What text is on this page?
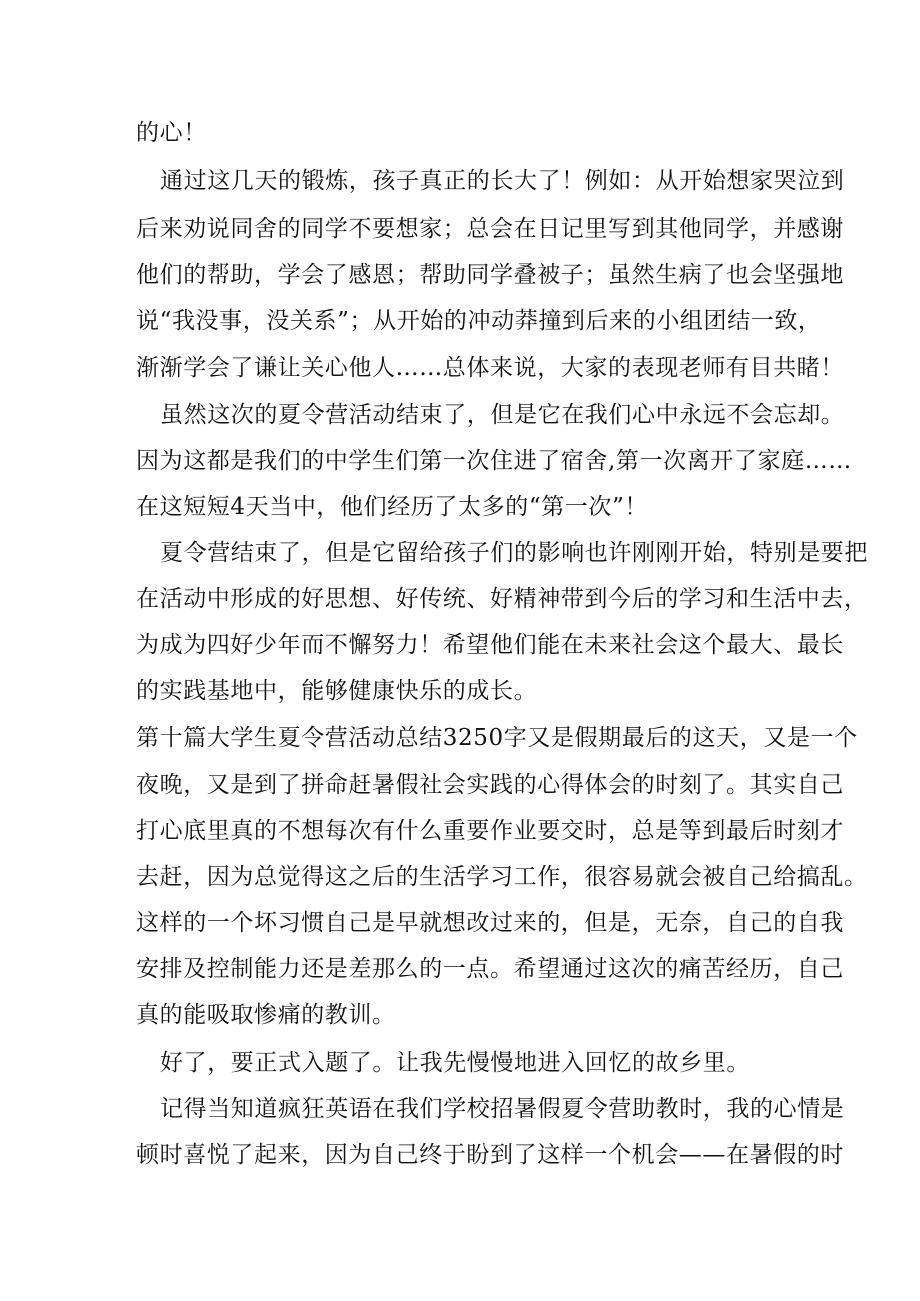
的心！
通过这几天的锻炼，孩子真正的长大了！例如：从开始想家哭泣到
后来劝说同舍的同学不要想家；总会在日记里写到其他同学，并感谢
他们的帮助，学会了感恩；帮助同学叠被子；虽然生病了也会坚强地
说“我没事，没关系”；从开始的冲动莽撞到后来的小组团结一致，
渐渐学会了谦让关心他人……总体来说，大家的表现老师有目共睹！
虽然这次的夏令营活动结束了，但是它在我们心中永远不会忘却。
因为这都是我们的中学生们第一次住进了宿舍,第一次离开了家庭……
在这短短4天当中，他们经历了太多的“第一次”！
夏令营结束了，但是它留给孩子们的影响也许刚刚开始，特别是要把
在活动中形成的好思想、好传统、好精神带到今后的学习和生活中去，
为成为四好少年而不懈努力！希望他们能在未来社会这个最大、最长
的实践基地中，能够健康快乐的成长。
第十篇大学生夏令营活动总结3250字又是假期最后的这天，又是一个
夜晚，又是到了拼命赶暑假社会实践的心得体会的时刻了。其实自己
打心底里真的不想每次有什么重要作业要交时，总是等到最后时刻才
去赶，因为总觉得这之后的生活学习工作，很容易就会被自己给搞乱。
这样的一个坏习惯自己是早就想改过来的，但是，无奈，自己的自我
安排及控制能力还是差那么的一点。希望通过这次的痛苦经历，自己
真的能吸取惨痛的教训。
好了，要正式入题了。让我先慢慢地进入回忆的故乡里。
记得当知道疯狂英语在我们学校招暑假夏令营助教时，我的心情是
顿时喜悦了起来，因为自己终于盼到了这样一个机会——在暑假的时
